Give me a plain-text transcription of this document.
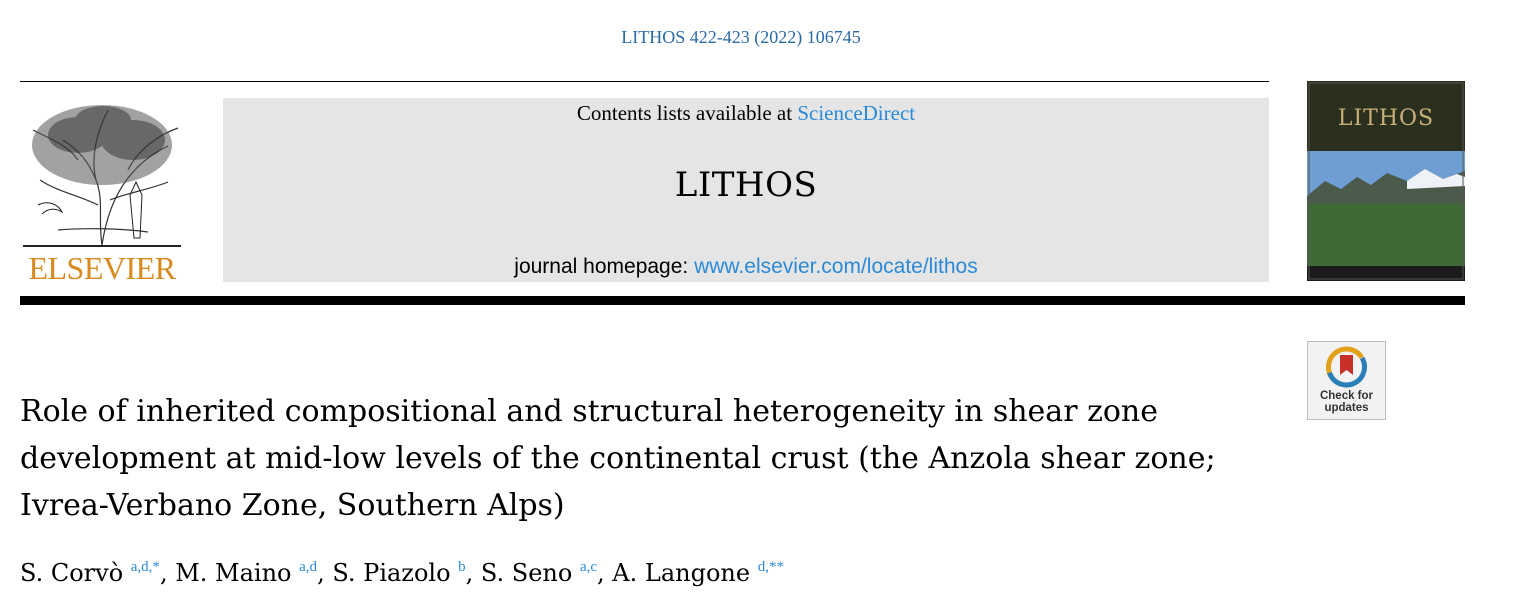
LITHOS 422-423 (2022) 106745
ELSEVIER
Contents lists available at ScienceDirect
LITHOS
journal homepage: www.elsevier.com/locate/lithos
LITHOS
Check for
updates
Role of inherited compositional and structural heterogeneity in shear zone development at mid-low levels of the continental crust (the Anzola shear zone; Ivrea-Verbano Zone, Southern Alps)
S. Corvò $^{a,d,*}$, M. Maino $^{a,d}$, S. Piazolo $^b$, S. Seno $^{a,c}$, A. Langone $^{d,**}$
